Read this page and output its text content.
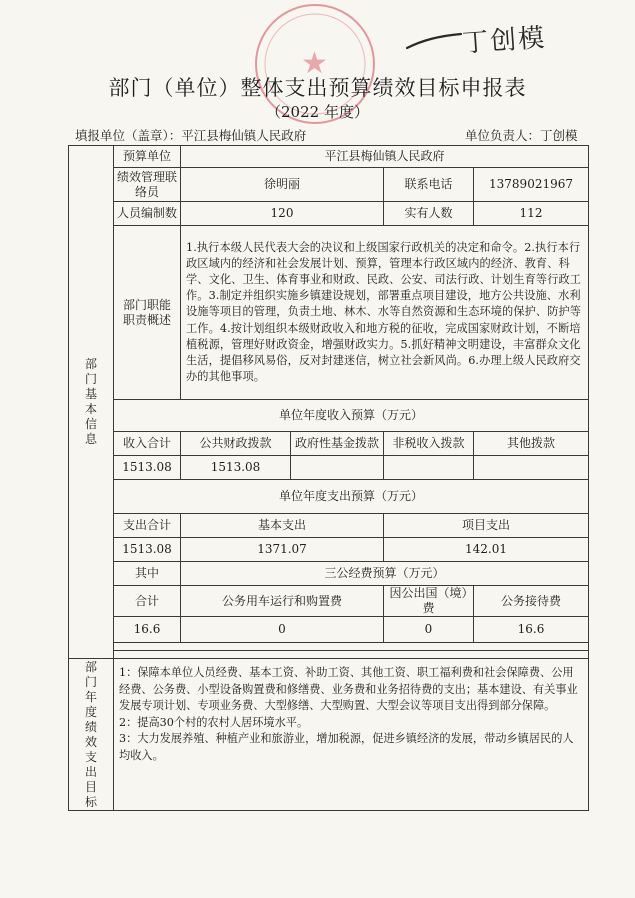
★
丁创模
部门（单位）整体支出预算绩效目标申报表
（2022 年度）
填报单位（盖章）：平江县梅仙镇人民政府	单位负责人：丁创模
部门基本信息	预算单位	平江县梅仙镇人民政府			
	绩效管理联络员	徐明丽		联系电话	13789021967
	人员编制数	120		实有人数	112

	部门职能职责概述	1.执行本级人民代表大会的决议和上级国家行政机关的决定和命令。2.执行本行政区域内的经济和社会发展计划、预算，管理本行政区域内的经济、教育、科学、文化、卫生、体育事业和财政、民政、公安、司法行政、计划生育等行政工作。3.制定并组织实施乡镇建设规划，部署重点项目建设，地方公共设施、水利设施等项目的管理，负责土地、林木、水等自然资源和生态环境的保护、防护等工作。4.按计划组织本级财政收入和地方税的征收，完成国家财政计划，不断培植税源，管理好财政资金，增强财政实力。5.抓好精神文明建设，丰富群众文化生活，提倡移风易俗，反对封建迷信，树立社会新风尚。6.办理上级人民政府交办的其他事项。			
	单位年度收入预算（万元）				
	收入合计	公共财政拨款	政府性基金拨款	非税收入拨款	其他拨款
	1513.08	1513.08			
	单位年度支出预算（万元）				
	支出合计	基本支出		项目支出	
	1513.08	1371.07		142.01	
	其中	三公经费预算（万元）			
	合计	公务用车运行和购置费		因公出国（境）费	公务接待费
	16.6	0		0	16.6

部门年度绩效支出目标	1：保障本单位人员经费、基本工资、补助工资、其他工资、职工福利费和社会保障费、公用经费、公务费、小型设备购置费和修缮费、业务费和业务招待费的支出；基本建设、有关事业发展专项计划、专项业务费、大型修缮、大型购置、大型会议等项目支出得到部分保障。
2：提高30个村的农村人居环境水平。
3：大力发展养殖、种植产业和旅游业，增加税源，促进乡镇经济的发展，带动乡镇居民的人均收入。				
